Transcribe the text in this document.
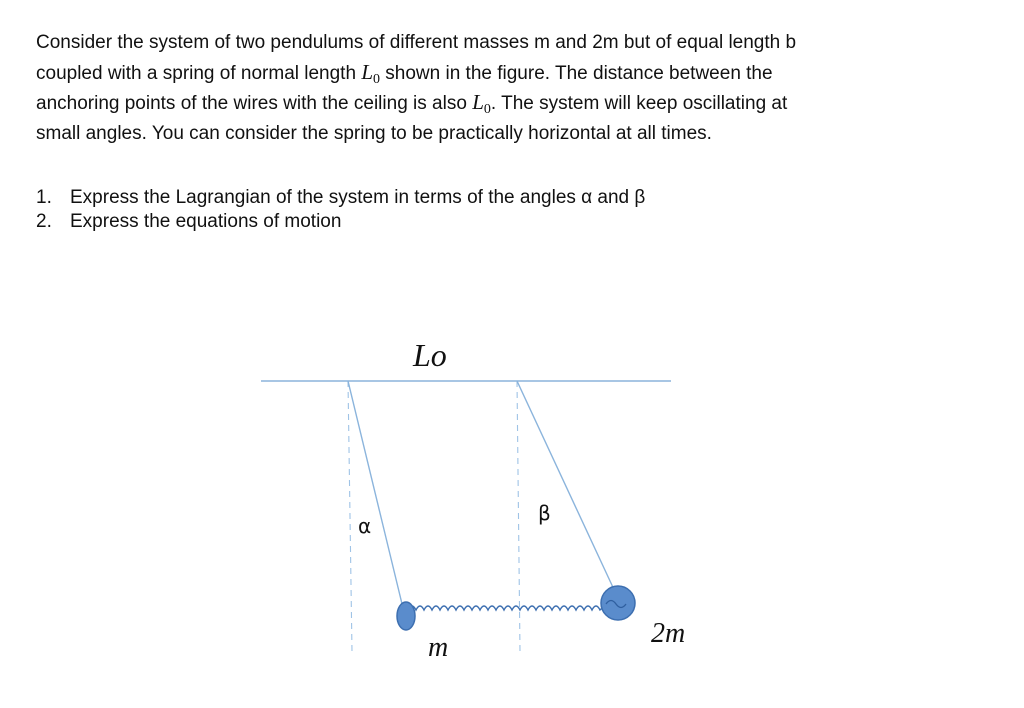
Consider the system of two pendulums of different masses m and 2m but of equal length b
coupled with a spring of normal length $L_0$ shown in the figure. The distance between the
anchoring points of the wires with the ceiling is also $L_0$. The system will keep oscillating at
small angles. You can consider the spring to be practically horizontal at all times.

1. Express the Lagrangian of the system in terms of the angles α and β
2. Express the equations of motion
Lo
α
β
m	2m
